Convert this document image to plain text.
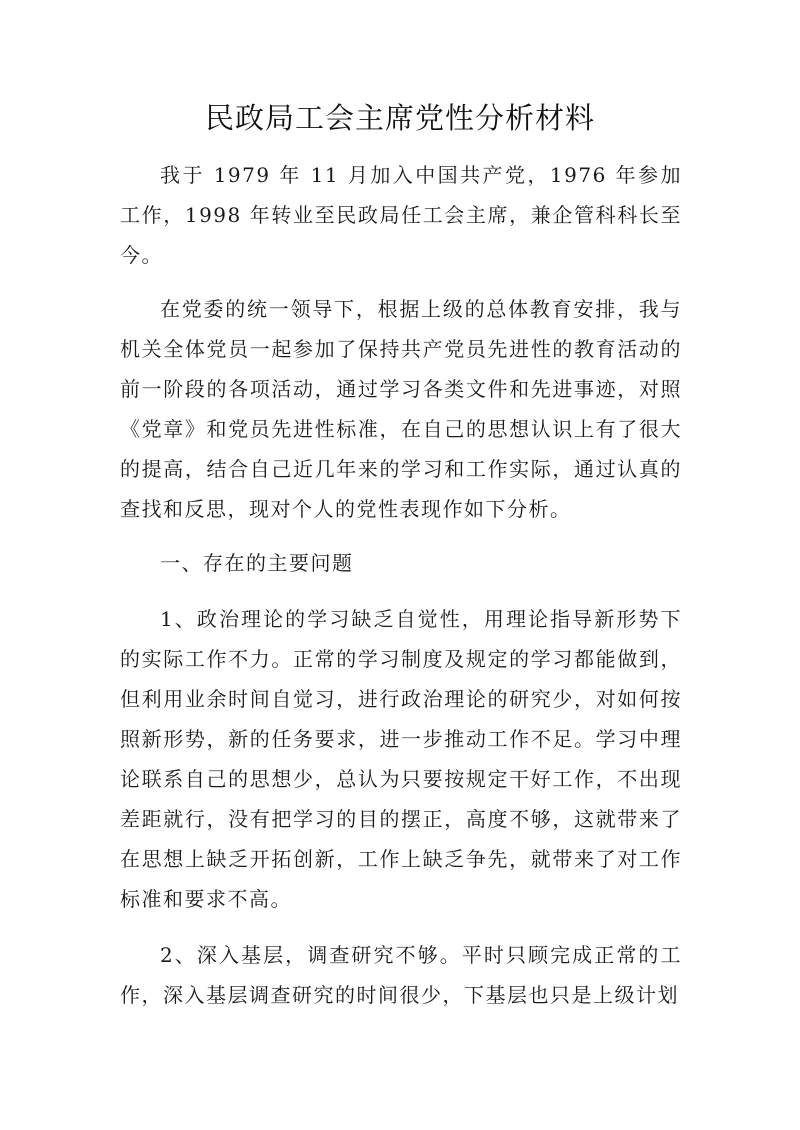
民政局工会主席党性分析材料

我于 1979 年 11 月加入中国共产党，1976 年参加工作，1998 年转业至民政局任工会主席，兼企管科科长至今。

在党委的统一领导下，根据上级的总体教育安排，我与机关全体党员一起参加了保持共产党员先进性的教育活动的前一阶段的各项活动，通过学习各类文件和先进事迹，对照《党章》和党员先进性标准，在自己的思想认识上有了很大的提高，结合自己近几年来的学习和工作实际，通过认真的查找和反思，现对个人的党性表现作如下分析。

一、存在的主要问题

1、政治理论的学习缺乏自觉性，用理论指导新形势下的实际工作不力。正常的学习制度及规定的学习都能做到，但利用业余时间自觉习，进行政治理论的研究少，对如何按照新形势，新的任务要求，进一步推动工作不足。学习中理论联系自己的思想少，总认为只要按规定干好工作，不出现差距就行，没有把学习的目的摆正，高度不够，这就带来了在思想上缺乏开拓创新，工作上缺乏争先，就带来了对工作标准和要求不高。

2、深入基层，调查研究不够。平时只顾完成正常的工作，深入基层调查研究的时间很少，下基层也只是上级计划
